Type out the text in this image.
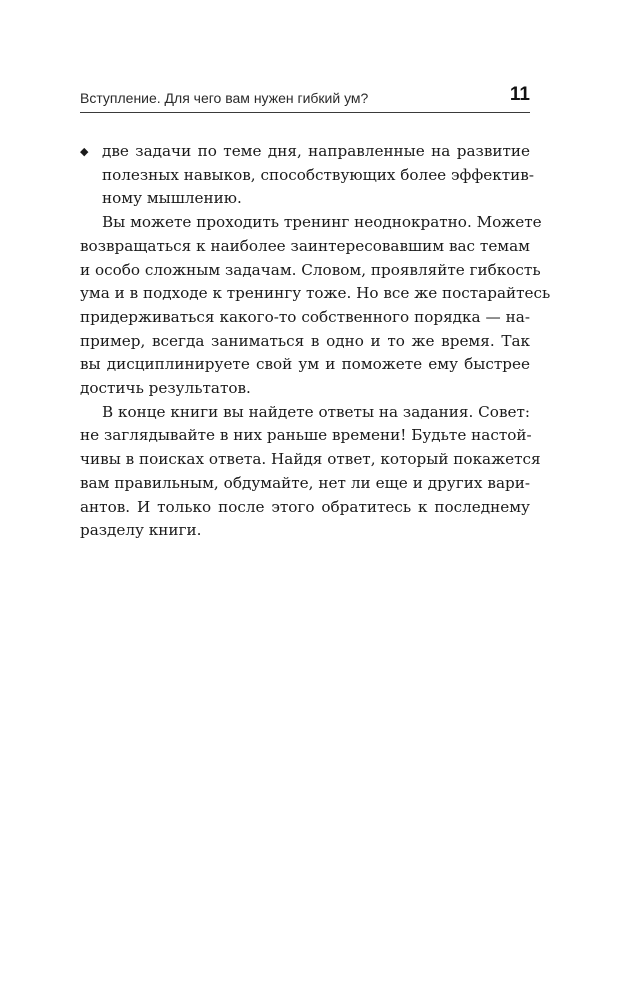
Вступление. Для чего вам нужен гибкий ум?	11
◆ две задачи по теме дня, направленные на развитие
полезных навыков, способствующих более эффектив-
ному мышлению.
Вы можете проходить тренинг неоднократно. Можете
возвращаться к наиболее заинтересовавшим вас темам
и особо сложным задачам. Словом, проявляйте гибкость
ума и в подходе к тренингу тоже. Но все же постарайтесь
придерживаться какого-то собственного порядка — на-
пример, всегда заниматься в одно и то же время. Так
вы дисциплинируете свой ум и поможете ему быстрее
достичь результатов.
В конце книги вы найдете ответы на задания. Совет:
не заглядывайте в них раньше времени! Будьте настой-
чивы в поисках ответа. Найдя ответ, который покажется
вам правильным, обдумайте, нет ли еще и других вари-
антов. И только после этого обратитесь к последнему
разделу книги.
